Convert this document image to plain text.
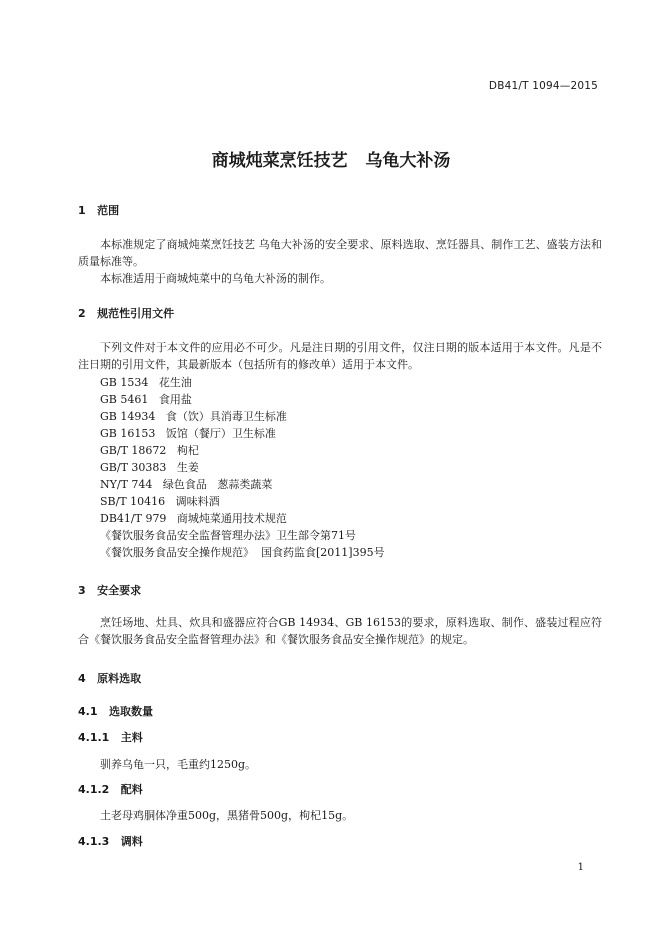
DB41/T 1094—2015
商城炖菜烹饪技艺   乌龟大补汤
1   范围

本标准规定了商城炖菜烹饪技艺 乌龟大补汤的安全要求、原料选取、烹饪器具、制作工艺、盛装方法和质量标准等。

本标准适用于商城炖菜中的乌龟大补汤的制作。

2   规范性引用文件
下列文件对于本文件的应用必不可少。凡是注日期的引用文件，仅注日期的版本适用于本文件。凡是不注日期的引用文件，其最新版本（包括所有的修改单）适用于本文件。
GB 1534   花生油
GB 5461   食用盐
GB 14934   食（饮）具消毒卫生标准
GB 16153   饭馆（餐厅）卫生标准
GB/T 18672   枸杞
GB/T 30383   生姜
NY/T 744   绿色食品   葱蒜类蔬菜
SB/T 10416   调味料酒
DB41/T 979   商城炖菜通用技术规范
《餐饮服务食品安全监督管理办法》卫生部令第71号
《餐饮服务食品安全操作规范》  国食药监食[2011]395号
3   安全要求
烹饪场地、灶具、炊具和盛器应符合GB 14934、GB 16153的要求，原料选取、制作、盛装过程应符合《餐饮服务食品安全监督管理办法》和《餐饮服务食品安全操作规范》的规定。
4   原料选取
4.1   选取数量
4.1.1   主料
驯养乌龟一只，毛重约1250g。
4.1.2   配料
土老母鸡胴体净重500g，黑猪骨500g，枸杞15g。
4.1.3   调料
1
